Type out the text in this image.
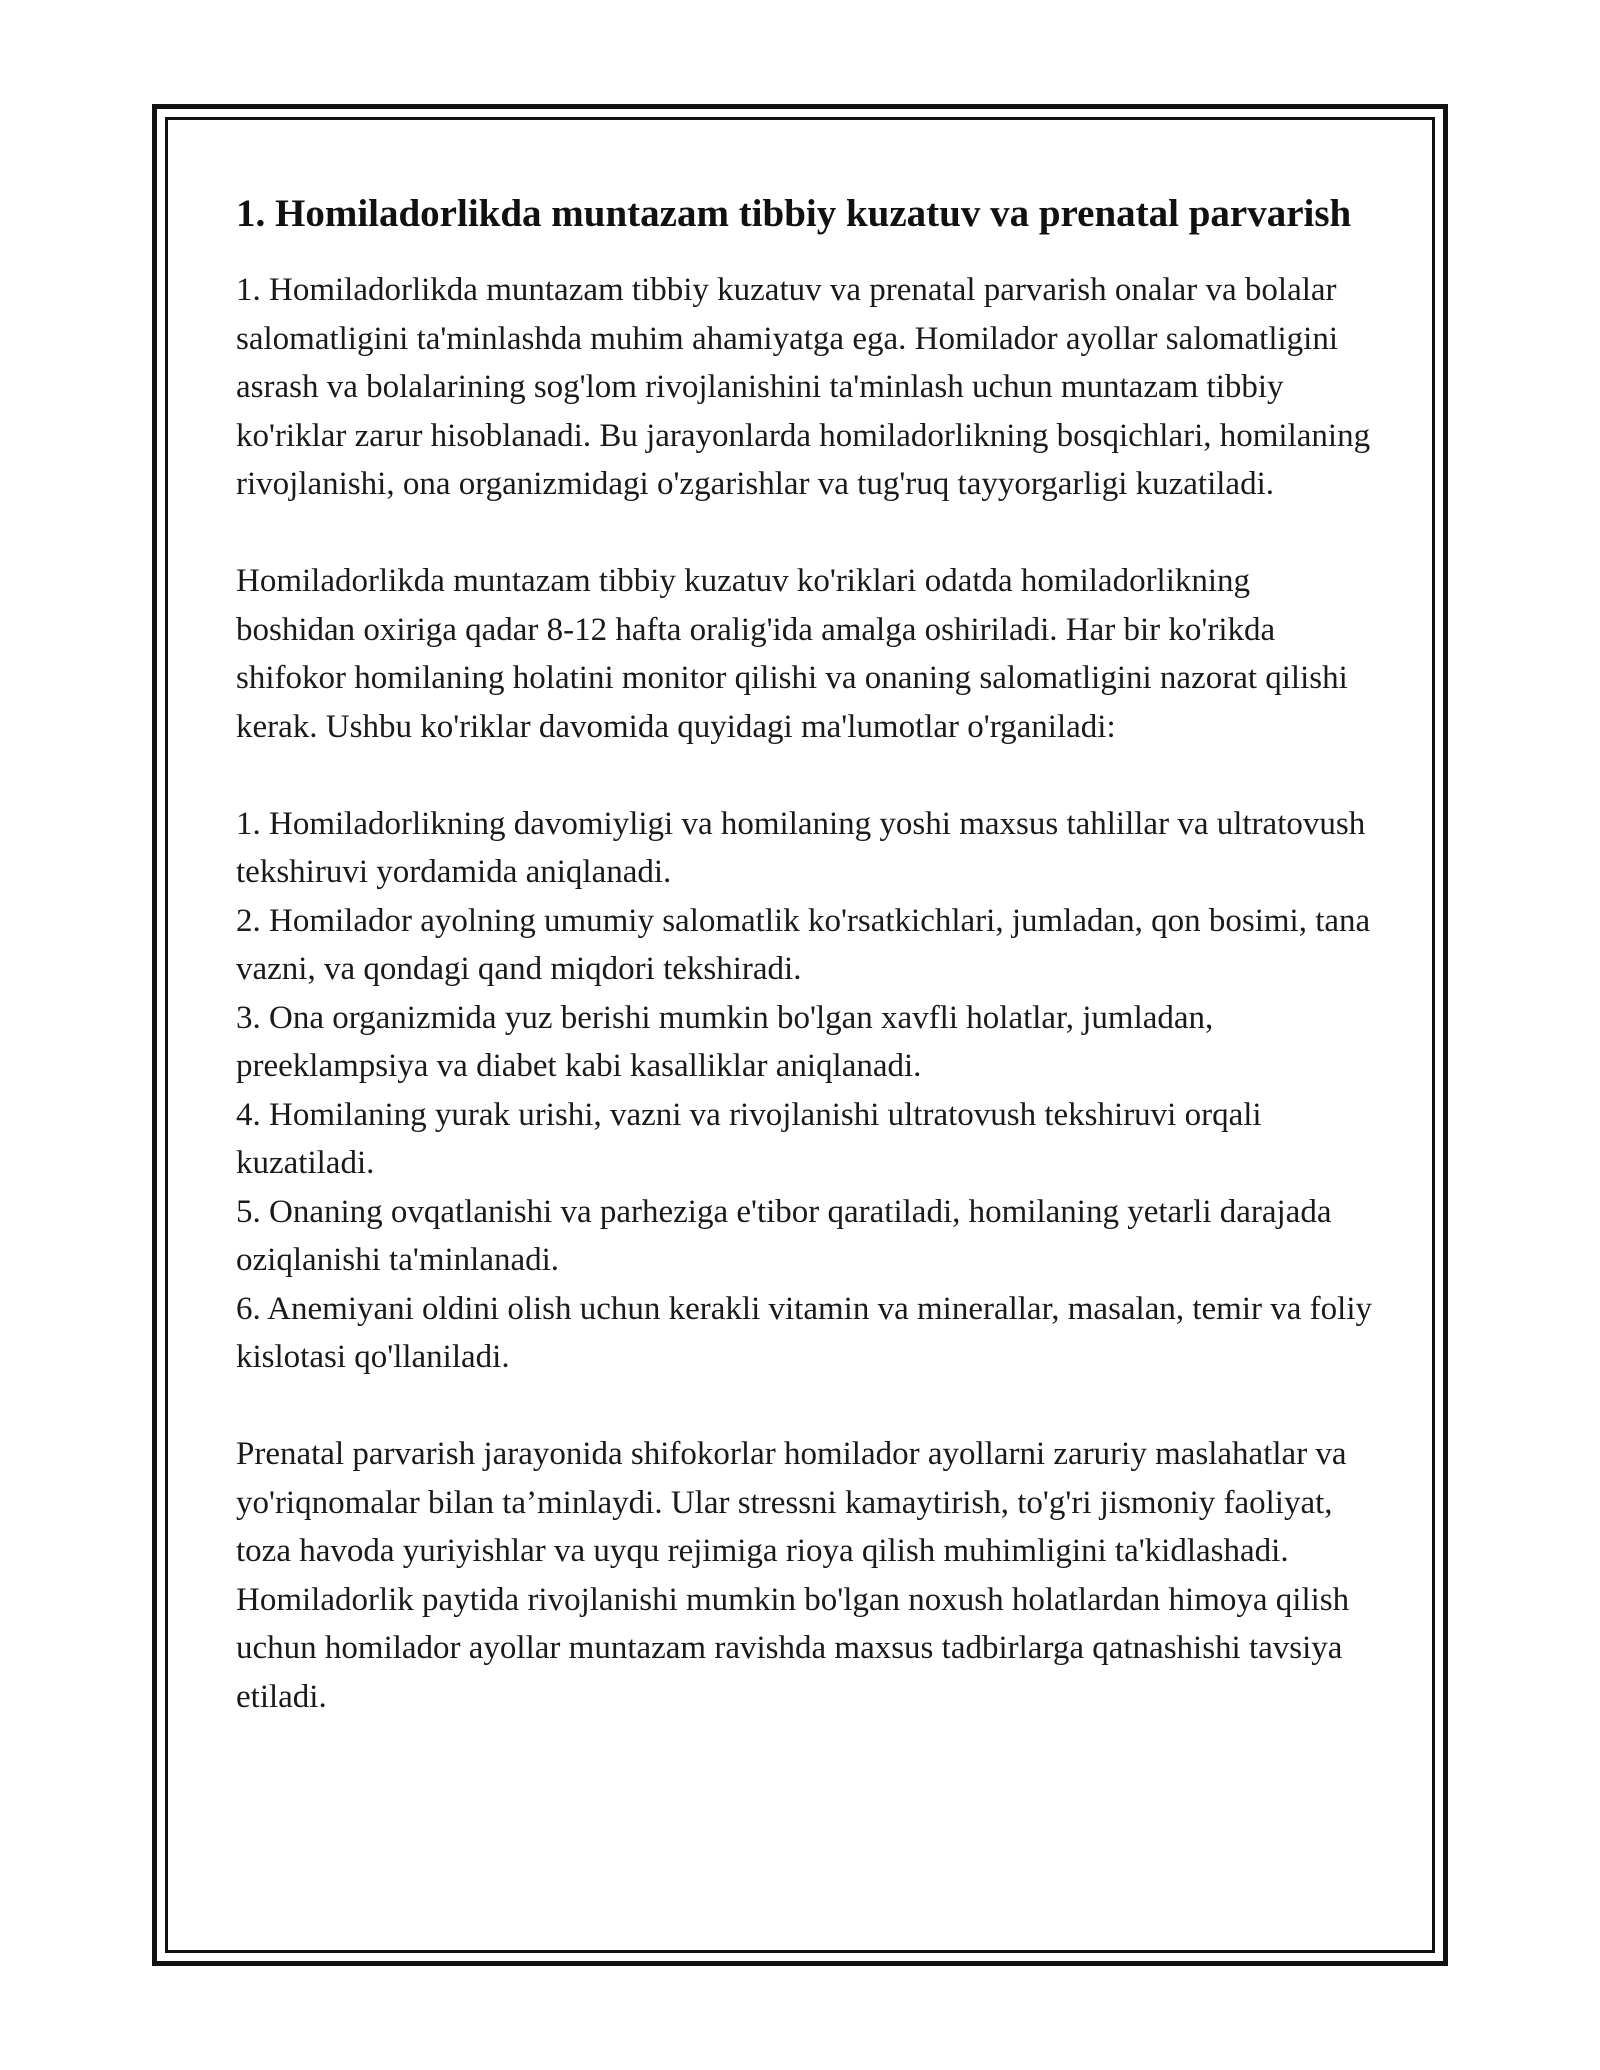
1. Homiladorlikda muntazam tibbiy kuzatuv va prenatal parvarish

1. Homiladorlikda muntazam tibbiy kuzatuv va prenatal parvarish onalar va bolalar salomatligini ta'minlashda muhim ahamiyatga ega. Homilador ayollar salomatligini asrash va bolalarining sog'lom rivojlanishini ta'minlash uchun muntazam tibbiy ko'riklar zarur hisoblanadi. Bu jarayonlarda homiladorlikning bosqichlari, homilaning rivojlanishi, ona organizmidagi o'zgarishlar va tug'ruq tayyorgarligi kuzatiladi.

Homiladorlikda muntazam tibbiy kuzatuv ko'riklari odatda homiladorlikning boshidan oxiriga qadar 8-12 hafta oralig'ida amalga oshiriladi. Har bir ko'rikda shifokor homilaning holatini monitor qilishi va onaning salomatligini nazorat qilishi kerak. Ushbu ko'riklar davomida quyidagi ma'lumotlar o'rganiladi:

1. Homiladorlikning davomiyligi va homilaning yoshi maxsus tahlillar va ultratovush tekshiruvi yordamida aniqlanadi.

2. Homilador ayolning umumiy salomatlik ko'rsatkichlari, jumladan, qon bosimi, tana vazni, va qondagi qand miqdori tekshiradi.

3. Ona organizmida yuz berishi mumkin bo'lgan xavfli holatlar, jumladan, preeklampsiya va diabet kabi kasalliklar aniqlanadi.

4. Homilaning yurak urishi, vazni va rivojlanishi ultratovush tekshiruvi orqali kuzatiladi.

5. Onaning ovqatlanishi va parheziga e'tibor qaratiladi, homilaning yetarli darajada oziqlanishi ta'minlanadi.

6. Anemiyani oldini olish uchun kerakli vitamin va minerallar, masalan, temir va foliy kislotasi qo'llaniladi.

Prenatal parvarish jarayonida shifokorlar homilador ayollarni zaruriy maslahatlar va yo'riqnomalar bilan ta’minlaydi. Ular stressni kamaytirish, to'g'ri jismoniy faoliyat, toza havoda yuriyishlar va uyqu rejimiga rioya qilish muhimligini ta'kidlashadi. Homiladorlik paytida rivojlanishi mumkin bo'lgan noxush holatlardan himoya qilish uchun homilador ayollar muntazam ravishda maxsus tadbirlarga qatnashishi tavsiya etiladi.
